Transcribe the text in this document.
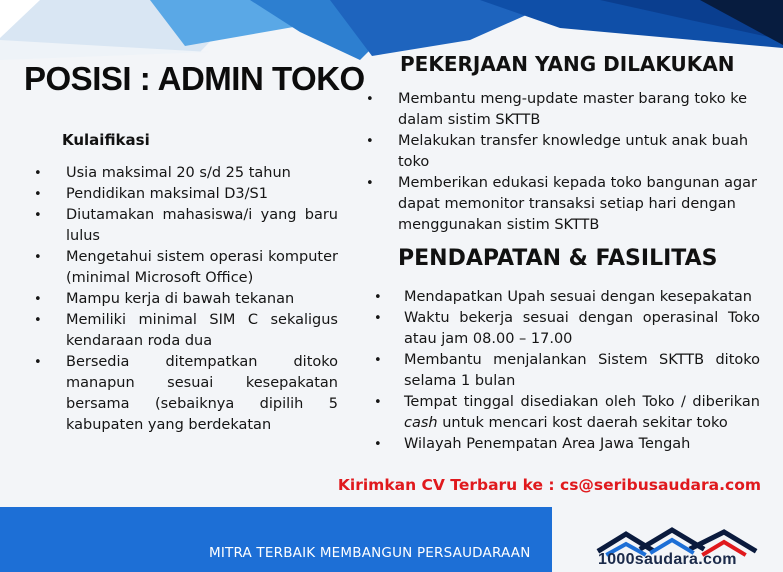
POSISI : ADMIN TOKO
Kulaifikasi
• Usia maksimal 20 s/d 25 tahun
• Pendidikan maksimal D3/S1
• Diutamakan mahasiswa/i yang baru lulus
• Mengetahui sistem operasi komputer (minimal Microsoft Office)
• Mampu kerja di bawah tekanan
• Memiliki minimal SIM C sekaligus kendaraan roda dua
• Bersedia ditempatkan ditoko manapun sesuai kesepakatan bersama (sebaiknya dipilih 5 kabupaten yang berdekatan
PEKERJAAN YANG DILAKUKAN
• Membantu meng-update master barang toko ke dalam sistim SKTTB
• Melakukan transfer knowledge untuk anak buah toko
• Memberikan edukasi kepada toko bangunan agar dapat memonitor transaksi setiap hari dengan menggunakan sistim SKTTB
PENDAPATAN & FASILITAS
• Mendapatkan Upah sesuai dengan kesepakatan
• Waktu bekerja sesuai dengan operasinal Toko atau jam 08.00 – 17.00
• Membantu menjalankan Sistem SKTTB ditoko selama 1 bulan
• Tempat tinggal disediakan oleh Toko / diberikan cash untuk mencari kost daerah sekitar toko
• Wilayah Penempatan Area Jawa Tengah

Kirimkan CV Terbaru ke : cs@seribusaudara.com

MITRA TERBAIK MEMBANGUN PERSAUDARAAN	1000saudara.com
